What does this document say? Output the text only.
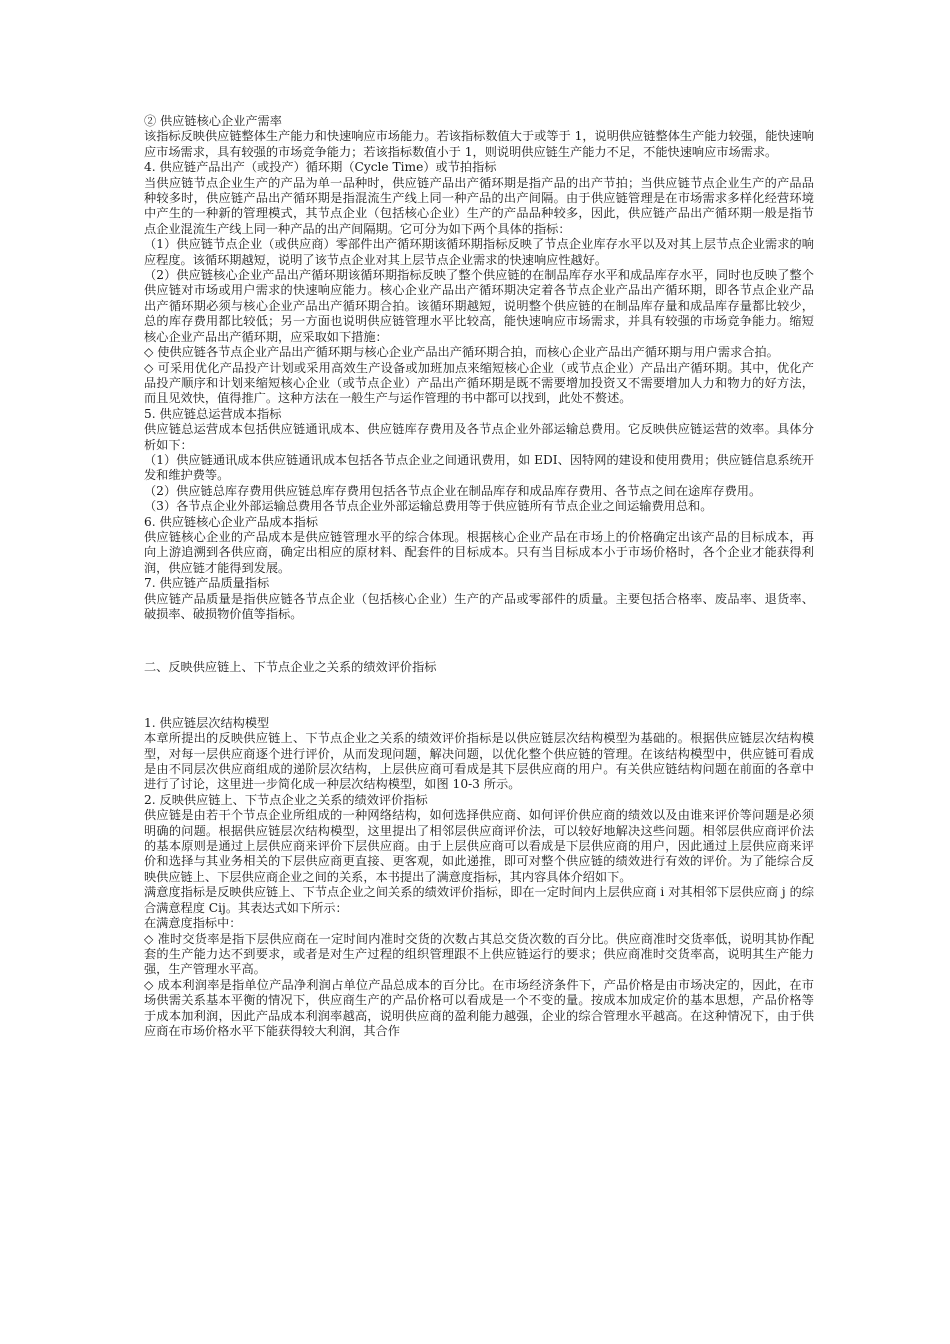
② 供应链核心企业产需率

该指标反映供应链整体生产能力和快速响应市场能力。若该指标数值大于或等于 1，说明供应链整体生产能力较强，能快速响应市场需求，具有较强的市场竞争能力；若该指标数值小于 1，则说明供应链生产能力不足，不能快速响应市场需求。

4. 供应链产品出产（或投产）循环期（Cycle Time）或节拍指标

当供应链节点企业生产的产品为单一品种时，供应链产品出产循环期是指产品的出产节拍；当供应链节点企业生产的产品品种较多时，供应链产品出产循环期是指混流生产线上同一种产品的出产间隔。由于供应链管理是在市场需求多样化经营环境中产生的一种新的管理模式，其节点企业（包括核心企业）生产的产品品种较多，因此，供应链产品出产循环期一般是指节点企业混流生产线上同一种产品的出产间隔期。它可分为如下两个具体的指标：

（1）供应链节点企业（或供应商）零部件出产循环期该循环期指标反映了节点企业库存水平以及对其上层节点企业需求的响应程度。该循环期越短，说明了该节点企业对其上层节点企业需求的快速响应性越好。

（2）供应链核心企业产品出产循环期该循环期指标反映了整个供应链的在制品库存水平和成品库存水平，同时也反映了整个供应链对市场或用户需求的快速响应能力。核心企业产品出产循环期决定着各节点企业产品出产循环期，即各节点企业产品出产循环期必须与核心企业产品出产循环期合拍。该循环期越短，说明整个供应链的在制品库存量和成品库存量都比较少，总的库存费用都比较低；另一方面也说明供应链管理水平比较高，能快速响应市场需求，并具有较强的市场竞争能力。缩短核心企业产品出产循环期，应采取如下措施：

◇ 使供应链各节点企业产品出产循环期与核心企业产品出产循环期合拍，而核心企业产品出产循环期与用户需求合拍。

◇ 可采用优化产品投产计划或采用高效生产设备或加班加点来缩短核心企业（或节点企业）产品出产循环期。其中，优化产品投产顺序和计划来缩短核心企业（或节点企业）产品出产循环期是既不需要增加投资又不需要增加人力和物力的好方法，而且见效快，值得推广。这种方法在一般生产与运作管理的书中都可以找到，此处不赘述。

5. 供应链总运营成本指标

供应链总运营成本包括供应链通讯成本、供应链库存费用及各节点企业外部运输总费用。它反映供应链运营的效率。具体分析如下：

（1）供应链通讯成本供应链通讯成本包括各节点企业之间通讯费用，如 EDI、因特网的建设和使用费用；供应链信息系统开发和维护费等。

（2）供应链总库存费用供应链总库存费用包括各节点企业在制品库存和成品库存费用、各节点之间在途库存费用。

（3）各节点企业外部运输总费用各节点企业外部运输总费用等于供应链所有节点企业之间运输费用总和。

6. 供应链核心企业产品成本指标

供应链核心企业的产品成本是供应链管理水平的综合体现。根据核心企业产品在市场上的价格确定出该产品的目标成本，再向上游追溯到各供应商，确定出相应的原材料、配套件的目标成本。只有当目标成本小于市场价格时，各个企业才能获得利润，供应链才能得到发展。

7. 供应链产品质量指标

供应链产品质量是指供应链各节点企业（包括核心企业）生产的产品或零部件的质量。主要包括合格率、废品率、退货率、破损率、破损物价值等指标。

二、反映供应链上、下节点企业之关系的绩效评价指标

1. 供应链层次结构模型

本章所提出的反映供应链上、下节点企业之关系的绩效评价指标是以供应链层次结构模型为基础的。根据供应链层次结构模型，对每一层供应商逐个进行评价，从而发现问题，解决问题，以优化整个供应链的管理。在该结构模型中，供应链可看成是由不同层次供应商组成的递阶层次结构，上层供应商可看成是其下层供应商的用户。有关供应链结构问题在前面的各章中进行了讨论，这里进一步简化成一种层次结构模型，如图 10-3 所示。

2. 反映供应链上、下节点企业之关系的绩效评价指标

供应链是由若干个节点企业所组成的一种网络结构，如何选择供应商、如何评价供应商的绩效以及由谁来评价等问题是必须明确的问题。根据供应链层次结构模型，这里提出了相邻层供应商评价法，可以较好地解决这些问题。相邻层供应商评价法的基本原则是通过上层供应商来评价下层供应商。由于上层供应商可以看成是下层供应商的用户，因此通过上层供应商来评价和选择与其业务相关的下层供应商更直接、更客观，如此递推，即可对整个供应链的绩效进行有效的评价。为了能综合反映供应链上、下层供应商企业之间的关系，本书提出了满意度指标，其内容具体介绍如下。

满意度指标是反映供应链上、下节点企业之间关系的绩效评价指标，即在一定时间内上层供应商 i 对其相邻下层供应商 j 的综合满意程度 Cij。其表达式如下所示：

在满意度指标中：

◇ 准时交货率是指下层供应商在一定时间内准时交货的次数占其总交货次数的百分比。供应商准时交货率低，说明其协作配套的生产能力达不到要求，或者是对生产过程的组织管理跟不上供应链运行的要求；供应商准时交货率高，说明其生产能力强，生产管理水平高。

◇ 成本利润率是指单位产品净利润占单位产品总成本的百分比。在市场经济条件下，产品价格是由市场决定的，因此，在市场供需关系基本平衡的情况下，供应商生产的产品价格可以看成是一个不变的量。按成本加成定价的基本思想，产品价格等于成本加利润，因此产品成本利润率越高，说明供应商的盈利能力越强，企业的综合管理水平越高。在这种情况下，由于供应商在市场价格水平下能获得较大利润，其合作
